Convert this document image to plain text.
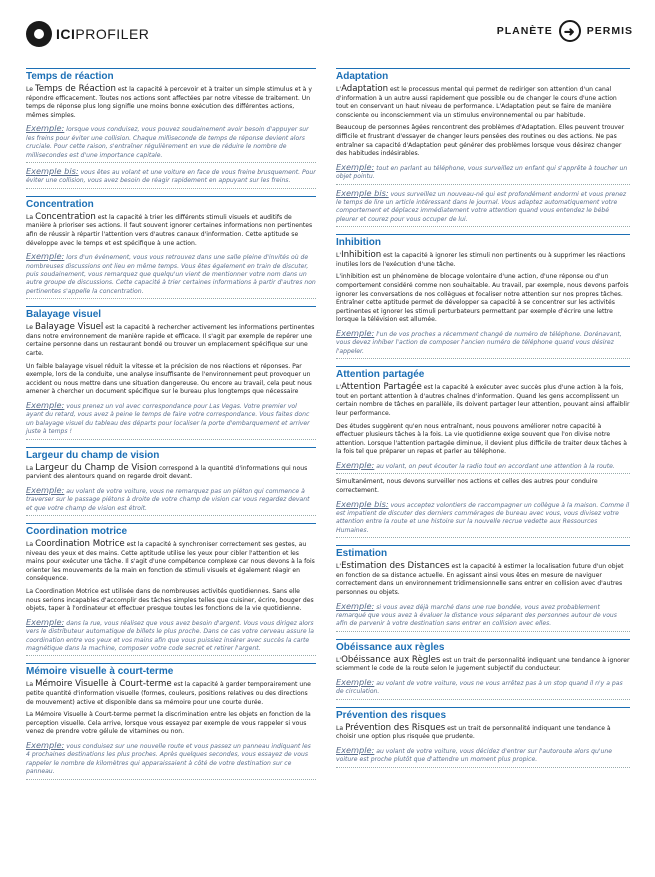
ICIPROFILER	PLANÈTE ➜	PERMIS
Temps de réaction

Le Temps de Réaction est la capacité à percevoir et à traiter un simple stimulus et à y répondre efficacement. Toutes nos actions sont affectées par notre vitesse de traitement. Un temps de réponse plus long signifie une moins bonne exécution des différentes actions, mêmes simples.

Exemple: lorsque vous conduisez, vous pouvez soudainement avoir besoin d'appuyer sur les freins pour éviter une collision. Chaque milliseconde de temps de réponse devient alors cruciale. Pour cette raison, s'entraîner régulièrement en vue de réduire le nombre de millisecondes est d'une importance capitale.

Exemple bis: vous êtes au volant et une voiture en face de vous freine brusquement. Pour éviter une collision, vous avez besoin de réagir rapidement en appuyant sur les freins.

Concentration

La Concentration est la capacité à trier les différents stimuli visuels et auditifs de manière à prioriser ses actions. Il faut souvent ignorer certaines informations non pertinentes afin de réussir à répartir l'attention vers d'autres canaux d'information. Cette aptitude se développe avec le temps et est spécifique à une action.

Exemple: lors d'un événement, vous vous retrouvez dans une salle pleine d'invités où de nombreuses discussions ont lieu en même temps. Vous êtes également en train de discuter, puis soudainement, vous remarquez que quelqu'un vient de mentionner votre nom dans un autre groupe de discussions. Cette capacité à trier certaines informations à partir d'autres non pertinentes s'appelle la concentration.

Balayage visuel

Le Balayage Visuel est la capacité à rechercher activement les informations pertinentes dans notre environnement de manière rapide et efficace. Il s'agit par exemple de repérer une certaine personne dans un restaurant bondé ou trouver un emplacement spécifique sur une carte.

Un faible balayage visuel réduit la vitesse et la précision de nos réactions et réponses. Par exemple, lors de la conduite, une analyse insuffisante de l'environnement peut provoquer un accident ou nous mettre dans une situation dangereuse. Ou encore au travail, cela peut nous amener à chercher un document spécifique sur le bureau plus longtemps que nécessaire

Exemple: vous prenez un vol avec correspondance pour Las Vegas. Votre premier vol ayant du retard, vous avez à peine le temps de faire votre correspondance. Vous faites donc un balayage visuel du tableau des départs pour localiser la porte d'embarquement et arriver juste à temps !

Largeur du champ de vision

La Largeur du Champ de Vision correspond à la quantité d'informations qui nous parvient des alentours quand on regarde droit devant.

Exemple: au volant de votre voiture, vous ne remarquez pas un piéton qui commence à traverser sur le passage piétons à droite de votre champ de vision car vous regardez devant et que votre champ de vision est étroit.

Coordination motrice

La Coordination Motrice est la capacité à synchroniser correctement ses gestes, au niveau des yeux et des mains. Cette aptitude utilise les yeux pour cibler l'attention et les mains pour exécuter une tâche. Il s'agit d'une compétence complexe car nous devons à la fois orienter les mouvements de la main en fonction de stimuli visuels et également réagir en conséquence.

La Coordination Motrice est utilisée dans de nombreuses activités quotidiennes. Sans elle nous serions incapables d'accomplir des tâches simples telles que cuisiner, écrire, bouger des objets, taper à l'ordinateur et effectuer presque toutes les fonctions de la vie quotidienne.

Exemple: dans la rue, vous réalisez que vous avez besoin d'argent. Vous vous dirigez alors vers le distributeur automatique de billets le plus proche. Dans ce cas votre cerveau assure la coordination entre vos yeux et vos mains afin que vous puissiez insérer avec succès la carte magnétique dans la machine, composer votre code secret et retirer l'argent.

Mémoire visuelle à court-terme

La Mémoire Visuelle à Court-terme est la capacité à garder temporairement une petite quantité d'information visuelle (formes, couleurs, positions relatives ou des directions de mouvement) active et disponible dans sa mémoire pour une courte durée.

La Mémoire Visuelle à Court-terme permet la discrimination entre les objets en fonction de la perception visuelle. Cela arrive, lorsque vous essayez par exemple de vous rappeler si vous venez de prendre votre gélule de vitamines ou non.

Exemple: vous conduisez sur une nouvelle route et vous passez un panneau indiquant les 4 prochaines destinations les plus proches. Après quelques secondes, vous essayez de vous rappeler le nombre de kilomètres qui apparaissaient à côté de votre destination sur ce panneau.

Adaptation

L'Adaptation est le processus mental qui permet de rediriger son attention d'un canal d'information à un autre aussi rapidement que possible ou de changer le cours d'une action tout en conservant un haut niveau de performance. L'Adaptation peut se faire de manière consciente ou inconsciemment via un stimulus environnemental ou par habitude.

Beaucoup de personnes âgées rencontrent des problèmes d'Adaptation. Elles peuvent trouver difficile et frustrant d'essayer de changer leurs pensées des routines ou des actions. Ne pas entraîner sa capacité d'Adaptation peut générer des problèmes lorsque vous désirez changer des habitudes indésirables.

Exemple: tout en parlant au téléphone, vous surveillez un enfant qui s'apprête à toucher un objet pointu.

Exemple bis: vous surveillez un nouveau-né qui est profondément endormi et vous prenez le temps de lire un article intéressant dans le journal. Vous adaptez automatiquement votre comportement et déplacez immédiatement votre attention quand vous entendez le bébé pleurer et courez pour vous occuper de lui.

Inhibition

L'Inhibition est la capacité à ignorer les stimuli non pertinents ou à supprimer les réactions inutiles lors de l'exécution d'une tâche.

L'inhibition est un phénomène de blocage volontaire d'une action, d'une réponse ou d'un comportement considéré comme non souhaitable. Au travail, par exemple, nous devons parfois ignorer les conversations de nos collègues et focaliser notre attention sur nos propres tâches. Entraîner cette aptitude permet de développer sa capacité à se concentrer sur les activités pertinentes et ignorer les stimuli perturbateurs permettant par exemple d'écrire une lettre lorsque la télévision est allumée.

Exemple: l'un de vos proches a récemment changé de numéro de téléphone. Dorénavant, vous devez inhiber l'action de composer l'ancien numéro de téléphone quand vous désirez l'appeler.

Attention partagée

L'Attention Partagée est la capacité à exécuter avec succès plus d'une action à la fois, tout en portant attention à d'autres chaînes d'information. Quand les gens accomplissent un certain nombre de tâches en parallèle, ils doivent partager leur attention, pouvant ainsi affaiblir leur performance.

Des études suggèrent qu'en nous entraînant, nous pouvons améliorer notre capacité à effectuer plusieurs tâches à la fois. La vie quotidienne exige souvent que l'on divise notre attention. Lorsque l'attention partagée diminue, il devient plus difficile de traiter deux tâches à la fois tel que préparer un repas et parler au téléphone.

Exemple: au volant, on peut écouter la radio tout en accordant une attention à la route.

Simultanément, nous devons surveiller nos actions et celles des autres pour conduire correctement.

Exemple bis: vous acceptez volontiers de raccompagner un collègue à la maison. Comme il est impatient de discuter des derniers commérages de bureau avec vous, vous divisez votre attention entre la route et une histoire sur la nouvelle recrue vedette aux Ressources Humaines.

Estimation

L'Estimation des Distances est la capacité à estimer la localisation future d'un objet en fonction de sa distance actuelle. En agissant ainsi vous êtes en mesure de naviguer correctement dans un environnement tridimensionnelle sans entrer en collision avec d'autres personnes ou objets.

Exemple: si vous avez déjà marché dans une rue bondée, vous avez probablement remarqué que vous avez à évaluer la distance vous séparant des personnes autour de vous afin de parvenir à votre destination sans entrer en collision avec elles.

Obéissance aux règles

L'Obéissance aux Règles est un trait de personnalité indiquant une tendance à ignorer sciemment le code de la route selon le jugement subjectif du conducteur.

Exemple: au volant de votre voiture, vous ne vous arrêtez pas à un stop quand il n'y a pas de circulation.

Prévention des risques

La Prévention des Risques est un trait de personnalité indiquant une tendance à choisir une option plus risquée que prudente.

Exemple: au volant de votre voiture, vous décidez d'entrer sur l'autoroute alors qu'une voiture est proche plutôt que d'attendre un moment plus propice.
